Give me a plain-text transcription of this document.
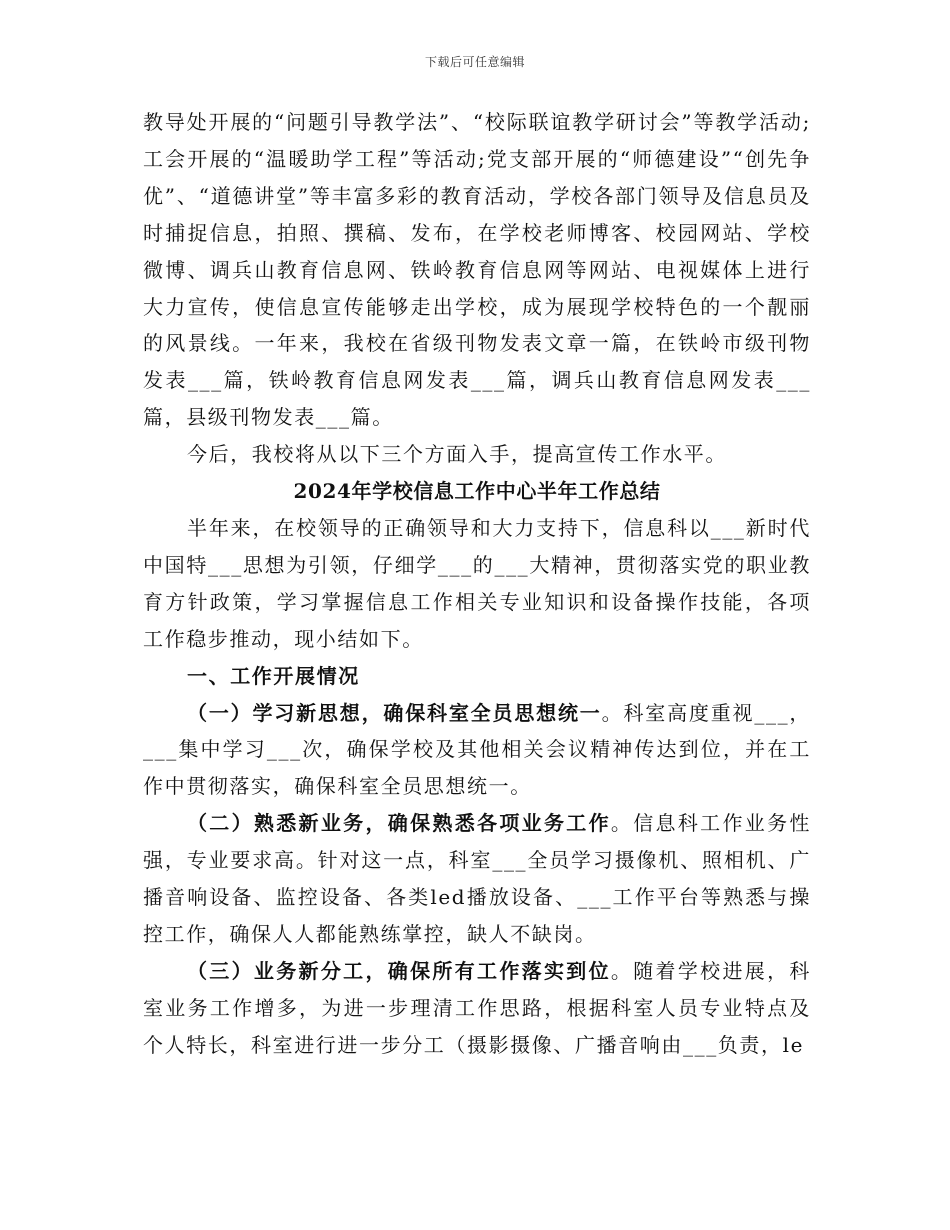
下载后可任意编辑

教导处开展的“问题引导教学法”、“校际联谊教学研讨会”等教学活动;工会开展的“温暖助学工程”等活动;党支部开展的“师德建设”“创先争优”、“道德讲堂”等丰富多彩的教育活动，学校各部门领导及信息员及时捕捉信息，拍照、撰稿、发布，在学校老师博客、校园网站、学校微博、调兵山教育信息网、铁岭教育信息网等网站、电视媒体上进行大力宣传，使信息宣传能够走出学校，成为展现学校特色的一个靓丽的风景线。一年来，我校在省级刊物发表文章一篇，在铁岭市级刊物发表___篇，铁岭教育信息网发表___篇，调兵山教育信息网发表___篇，县级刊物发表___篇。

今后，我校将从以下三个方面入手，提高宣传工作水平。

2024年学校信息工作中心半年工作总结

半年来，在校领导的正确领导和大力支持下，信息科以___新时代中国特___思想为引领，仔细学___的___大精神，贯彻落实党的职业教育方针政策，学习掌握信息工作相关专业知识和设备操作技能，各项工作稳步推动，现小结如下。

一、工作开展情况

（一）学习新思想，确保科室全员思想统一。科室高度重视___，___集中学习___次，确保学校及其他相关会议精神传达到位，并在工作中贯彻落实，确保科室全员思想统一。

（二）熟悉新业务，确保熟悉各项业务工作。信息科工作业务性强，专业要求高。针对这一点，科室___全员学习摄像机、照相机、广播音响设备、监控设备、各类led播放设备、___工作平台等熟悉与操控工作，确保人人都能熟练掌控，缺人不缺岗。

（三）业务新分工，确保所有工作落实到位。随着学校进展，科室业务工作增多，为进一步理清工作思路，根据科室人员专业特点及个人特长，科室进行进一步分工（摄影摄像、广播音响由___负责，le
